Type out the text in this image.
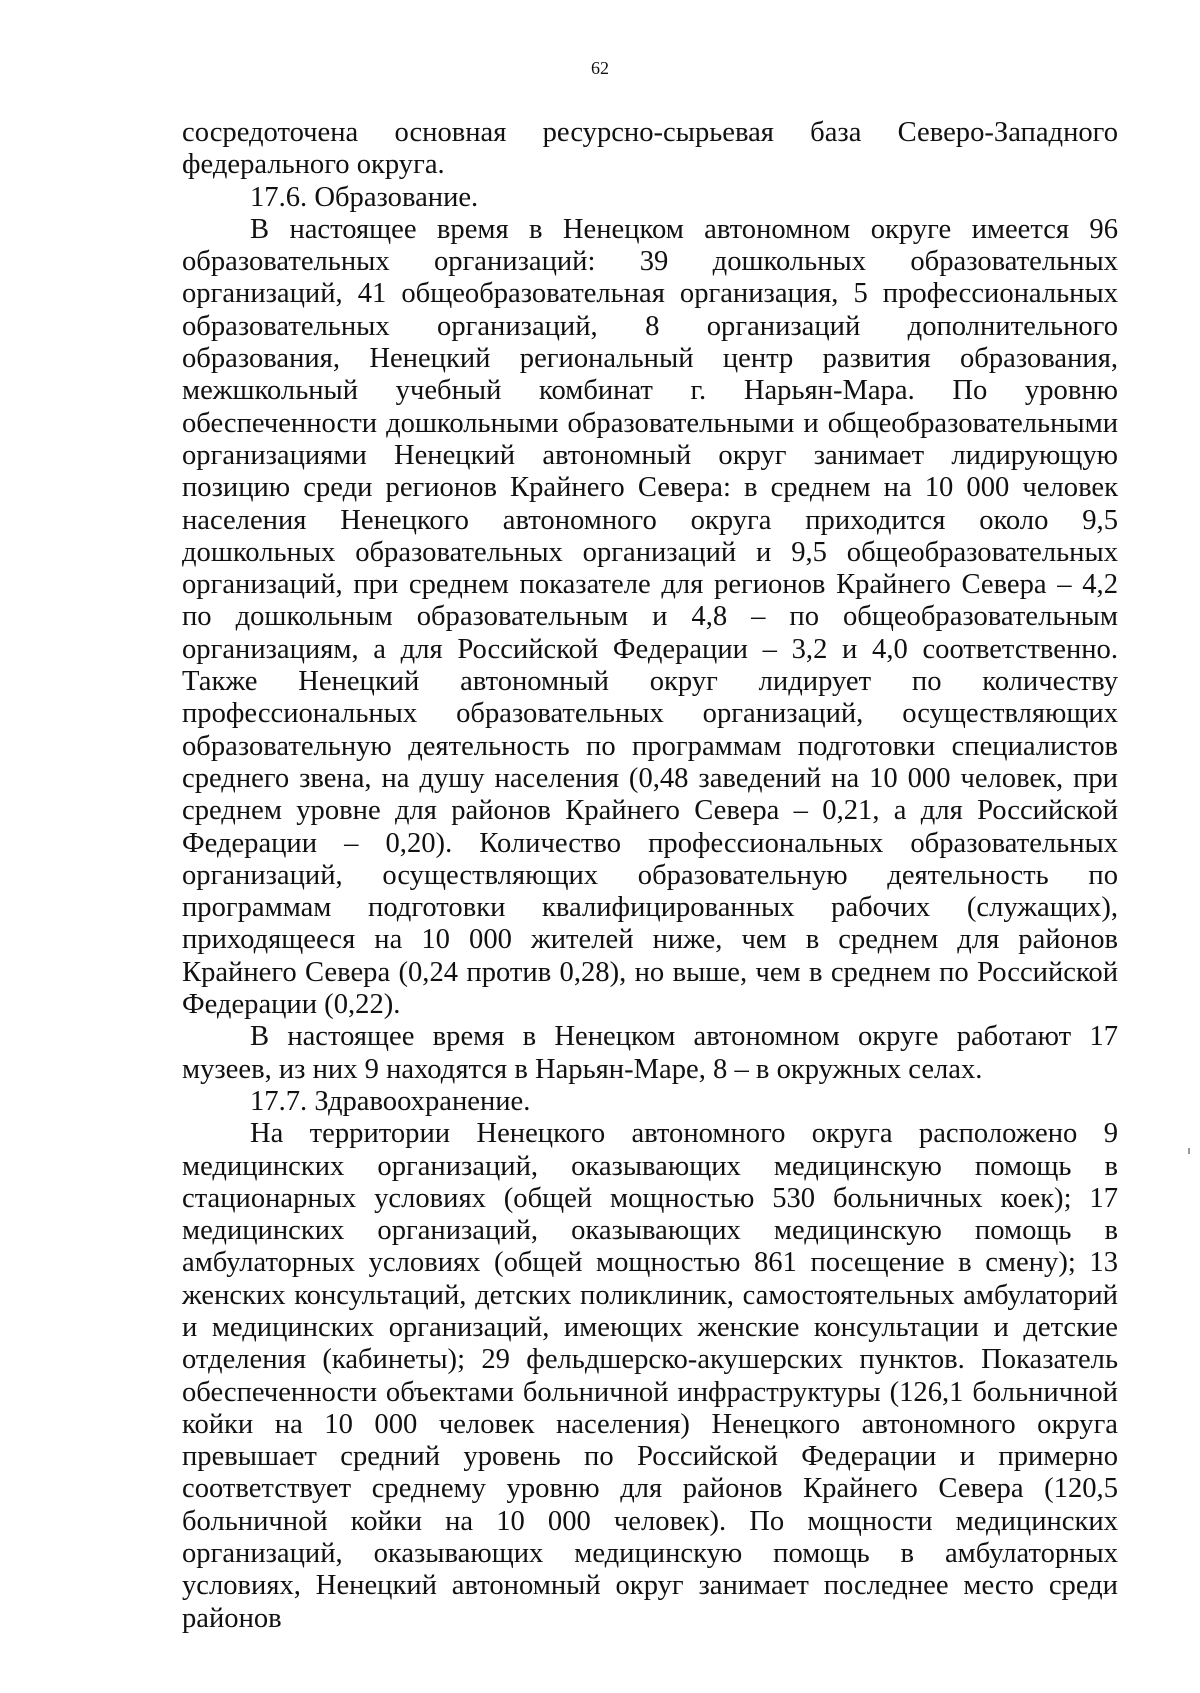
62

сосредоточена основная ресурсно-сырьевая база Северо-Западного федерального округа.

17.6. Образование.

В настоящее время в Ненецком автономном округе имеется 96 образовательных организаций: 39 дошкольных образовательных организаций, 41 общеобразовательная организация, 5 профессиональных образовательных организаций, 8 организаций дополнительного образования, Ненецкий региональный центр развития образования, межшкольный учебный комбинат г. Нарьян-Мара. По уровню обеспеченности дошкольными образовательными и общеобразовательными организациями Ненецкий автономный округ занимает лидирующую позицию среди регионов Крайнего Севера: в среднем на 10 000 человек населения Ненецкого автономного округа приходится около 9,5 дошкольных образовательных организаций и 9,5 общеобразовательных организаций, при среднем показателе для регионов Крайнего Севера – 4,2 по дошкольным образовательным и 4,8 – по общеобразовательным организациям, а для Российской Федерации – 3,2 и 4,0 соответственно. Также Ненецкий автономный округ лидирует по количеству профессиональных образовательных организаций, осуществляющих образовательную деятельность по программам подготовки специалистов среднего звена, на душу населения (0,48 заведений на 10 000 человек, при среднем уровне для районов Крайнего Севера – 0,21, а для Российской Федерации – 0,20). Количество профессиональных образовательных организаций, осуществляющих образовательную деятельность по программам подготовки квалифицированных рабочих (служащих), приходящееся на 10 000 жителей ниже, чем в среднем для районов Крайнего Севера (0,24 против 0,28), но выше, чем в среднем по Российской Федерации (0,22).

В настоящее время в Ненецком автономном округе работают 17 музеев, из них 9 находятся в Нарьян-Маре, 8 – в окружных селах.

17.7. Здравоохранение.

На территории Ненецкого автономного округа расположено 9 медицинских организаций, оказывающих медицинскую помощь в стационарных условиях (общей мощностью 530 больничных коек); 17 медицинских организаций, оказывающих медицинскую помощь в амбулаторных условиях (общей мощностью 861 посещение в смену); 13 женских консультаций, детских поликлиник, самостоятельных амбулаторий и медицинских организаций, имеющих женские консультации и детские отделения (кабинеты); 29 фельдшерско-акушерских пунктов. Показатель обеспеченности объектами больничной инфраструктуры (126,1 больничной койки на 10 000 человек населения) Ненецкого автономного округа превышает средний уровень по Российской Федерации и примерно соответствует среднему уровню для районов Крайнего Севера (120,5 больничной койки на 10 000 человек). По мощности медицинских организаций, оказывающих медицинскую помощь в амбулаторных условиях, Ненецкий автономный округ занимает последнее место среди районов
